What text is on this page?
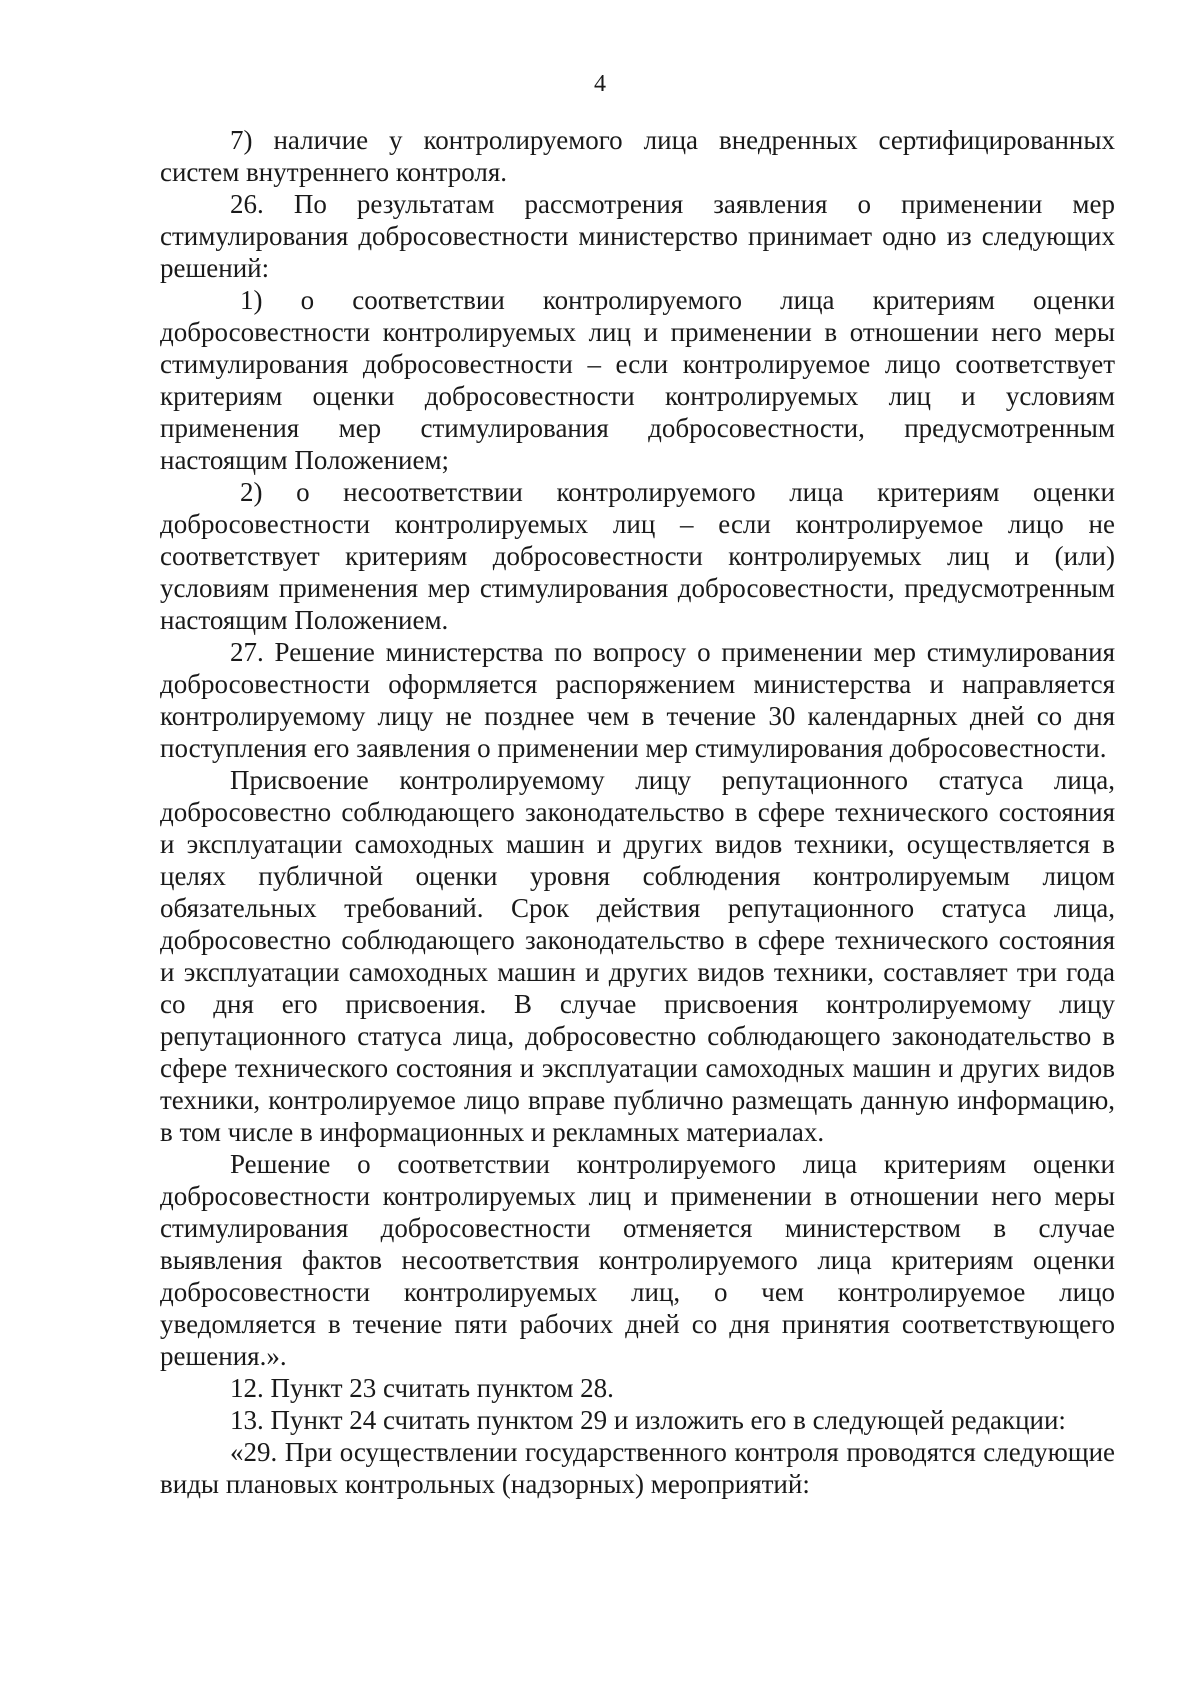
4

7) наличие у контролируемого лица внедренных сертифицированных систем внутреннего контроля.

26. По результатам рассмотрения заявления о применении мер стимулирования добросовестности министерство принимает одно из следующих решений:

1) о соответствии контролируемого лица критериям оценки добросовестности контролируемых лиц и применении в отношении него меры стимулирования добросовестности – если контролируемое лицо соответствует критериям оценки добросовестности контролируемых лиц и условиям применения мер стимулирования добросовестности, предусмотренным настоящим Положением;

2) о несоответствии контролируемого лица критериям оценки добросовестности контролируемых лиц – если контролируемое лицо не соответствует критериям добросовестности контролируемых лиц и (или) условиям применения мер стимулирования добросовестности, предусмотренным настоящим Положением.

27. Решение министерства по вопросу о применении мер стимулирования добросовестности оформляется распоряжением министерства и направляется контролируемому лицу не позднее чем в течение 30 календарных дней со дня поступления его заявления о применении мер стимулирования добросовестности.

Присвоение контролируемому лицу репутационного статуса лица, добросовестно соблюдающего законодательство в сфере технического состояния и эксплуатации самоходных машин и других видов техники, осуществляется в целях публичной оценки уровня соблюдения контролируемым лицом обязательных требований. Срок действия репутационного статуса лица, добросовестно соблюдающего законодательство в сфере технического состояния и эксплуатации самоходных машин и других видов техники, составляет три года со дня его присвоения. В случае присвоения контролируемому лицу репутационного статуса лица, добросовестно соблюдающего законодательство в сфере технического состояния и эксплуатации самоходных машин и других видов техники, контролируемое лицо вправе публично размещать данную информацию, в том числе в информационных и рекламных материалах.

Решение о соответствии контролируемого лица критериям оценки добросовестности контролируемых лиц и применении в отношении него меры стимулирования добросовестности отменяется министерством в случае выявления фактов несоответствия контролируемого лица критериям оценки добросовестности контролируемых лиц, о чем контролируемое лицо уведомляется в течение пяти рабочих дней со дня принятия соответствующего решения.».

12. Пункт 23 считать пунктом 28.

13. Пункт 24 считать пунктом 29 и изложить его в следующей редакции:

«29. При осуществлении государственного контроля проводятся следующие виды плановых контрольных (надзорных) мероприятий:
